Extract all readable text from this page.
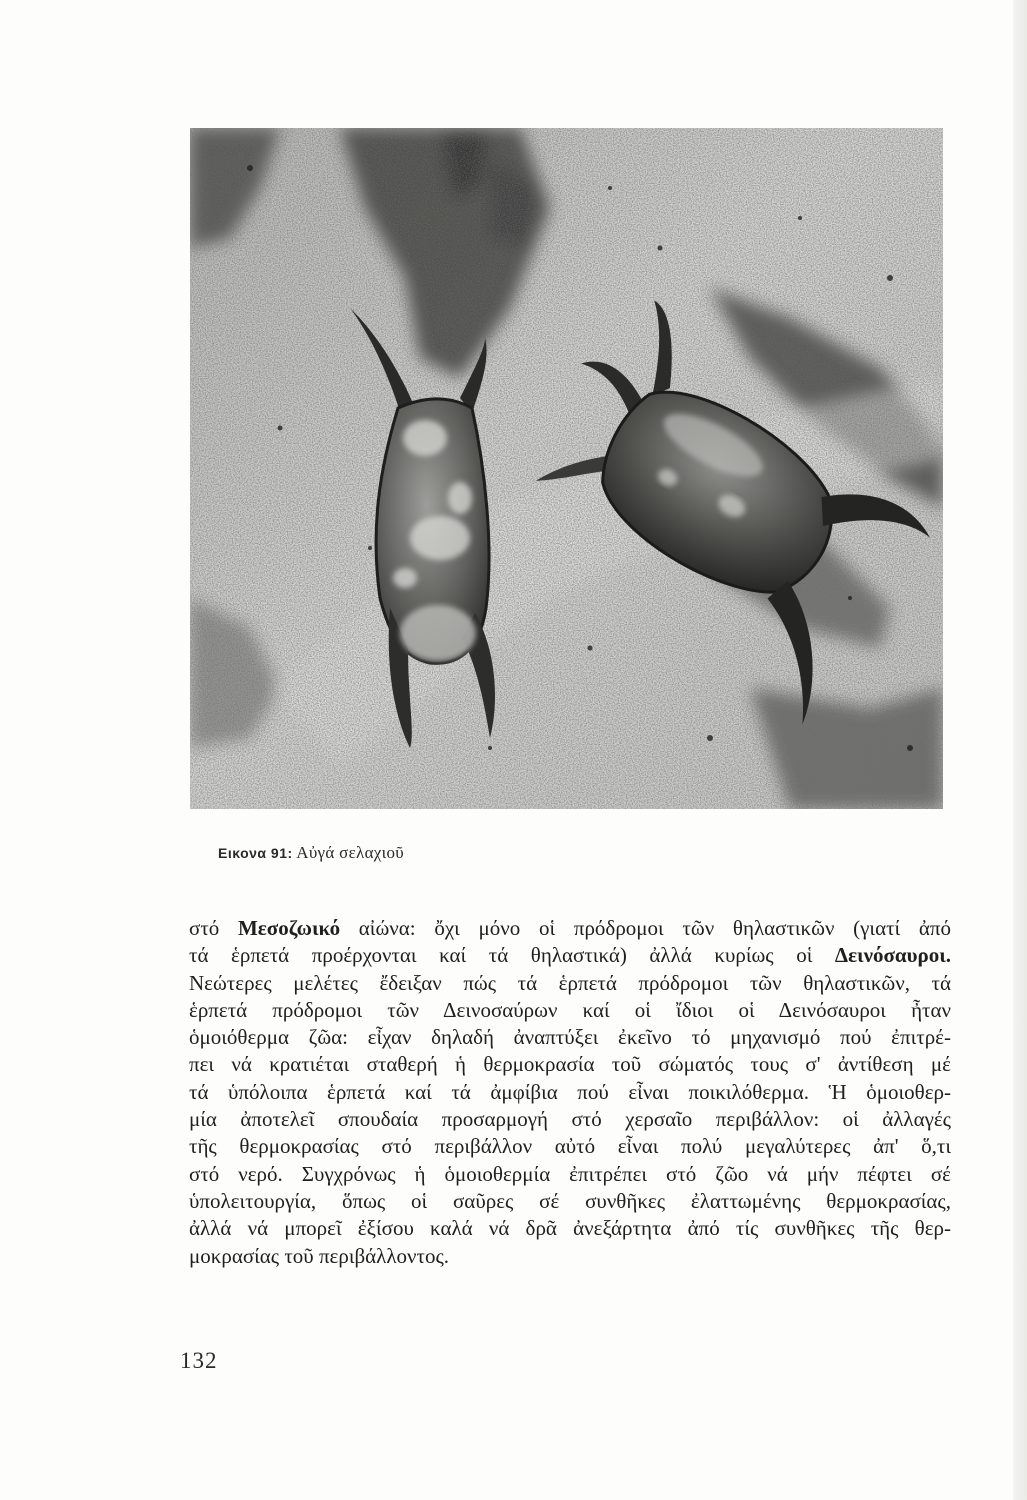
Εικονα 91: Αὐγά σελαχιοῦ
στό Μεσοζωικό αἰώνα: ὄχι μόνο οἱ πρόδρομοι τῶν θηλαστικῶν (γιατί ἀπό
τά ἑρπετά προέρχονται καί τά θηλαστικά) ἀλλά κυρίως οἱ Δεινόσαυροι.
Νεώτερες μελέτες ἔδειξαν πώς τά ἑρπετά πρόδρομοι τῶν θηλαστικῶν, τά
ἑρπετά πρόδρομοι τῶν Δεινοσαύρων καί οἱ ἴδιοι οἱ Δεινόσαυροι ἦταν
ὁμοιόθερμα ζῶα: εἶχαν δηλαδή ἀναπτύξει ἐκεῖνο τό μηχανισμό πού ἐπιτρέ-
πει νά κρατιέται σταθερή ἡ θερμοκρασία τοῦ σώματός τους σ' ἀντίθεση μέ
τά ὑπόλοιπα ἑρπετά καί τά ἀμφίβια πού εἶναι ποικιλόθερμα. Ἡ ὁμοιοθερ-
μία ἀποτελεῖ σπουδαία προσαρμογή στό χερσαῖο περιβάλλον: οἱ ἀλλαγές
τῆς θερμοκρασίας στό περιβάλλον αὐτό εἶναι πολύ μεγαλύτερες ἀπ' ὅ,τι
στό νερό. Συγχρόνως ἡ ὁμοιοθερμία ἐπιτρέπει στό ζῶο νά μήν πέφτει σέ
ὑπολειτουργία, ὅπως οἱ σαῦρες σέ συνθῆκες ἐλαττωμένης θερμοκρασίας,
ἀλλά νά μπορεῖ ἐξίσου καλά νά δρᾶ ἀνεξάρτητα ἀπό τίς συνθῆκες τῆς θερ-
μοκρασίας τοῦ περιβάλλοντος.
132
